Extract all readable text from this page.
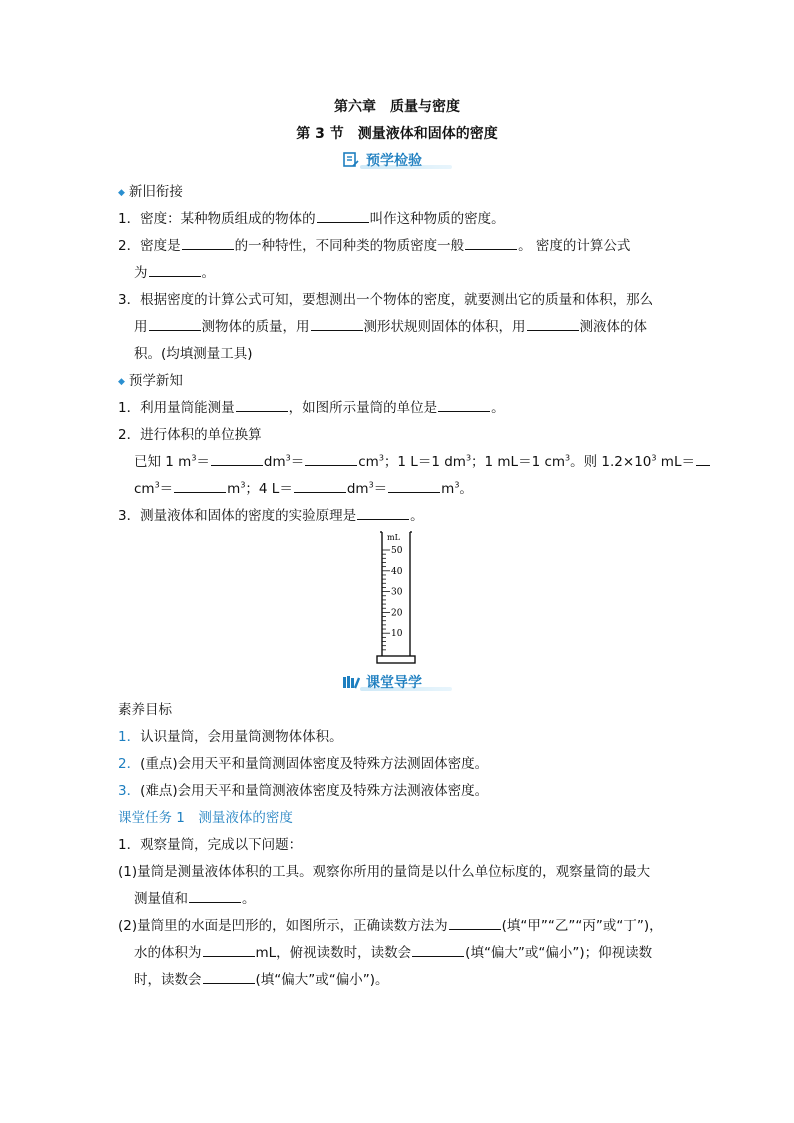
第六章　质量与密度
第 3 节　测量液体和固体的密度
预学检验
◆ 新旧衔接
1．密度：某种物质组成的物体的	叫作这种物质的密度。
2．密度是	的一种特性，不同种类的物质密度一般	。 密度的计算公式
为	。
3．根据密度的计算公式可知，要想测出一个物体的密度，就要测出它的质量和体积，那么
用	测物体的质量，用	测形状规则固体的体积，用	测液体的体
积。(均填测量工具)
◆ 预学新知
1．利用量筒能测量	，如图所示量筒的单位是	。
2．进行体积的单位换算
已知 1 $m^3=$	$dm^3=$	$cm^3$；1 L＝1 $dm^3$；1 mL＝1 $cm^3$。则 $1.2\times 10^3$ mL＝
$cm^3=$	$m^3$；4 L＝	$dm^3=$	$m^3$。
3．测量液体和固体的密度的实验原理是	。
mL
50
40
30
20
10
课堂导学
素养目标
1．认识量筒，会用量筒测物体体积。
2．(重点)会用天平和量筒测固体密度及特殊方法测固体密度。
3．(难点)会用天平和量筒测液体密度及特殊方法测液体密度。
课堂任务 1　测量液体的密度
1．观察量筒，完成以下问题：
(1)量筒是测量液体体积的工具。观察你所用的量筒是以什么单位标度的，观察量筒的最大
测量值和	。
(2)量筒里的水面是凹形的，如图所示，正确读数方法为	(填“甲”“乙”“丙”或“丁”)，
水的体积为	mL，俯视读数时，读数会	(填“偏大”或“偏小”)；仰视读数
时，读数会	(填“偏大”或“偏小”)。
